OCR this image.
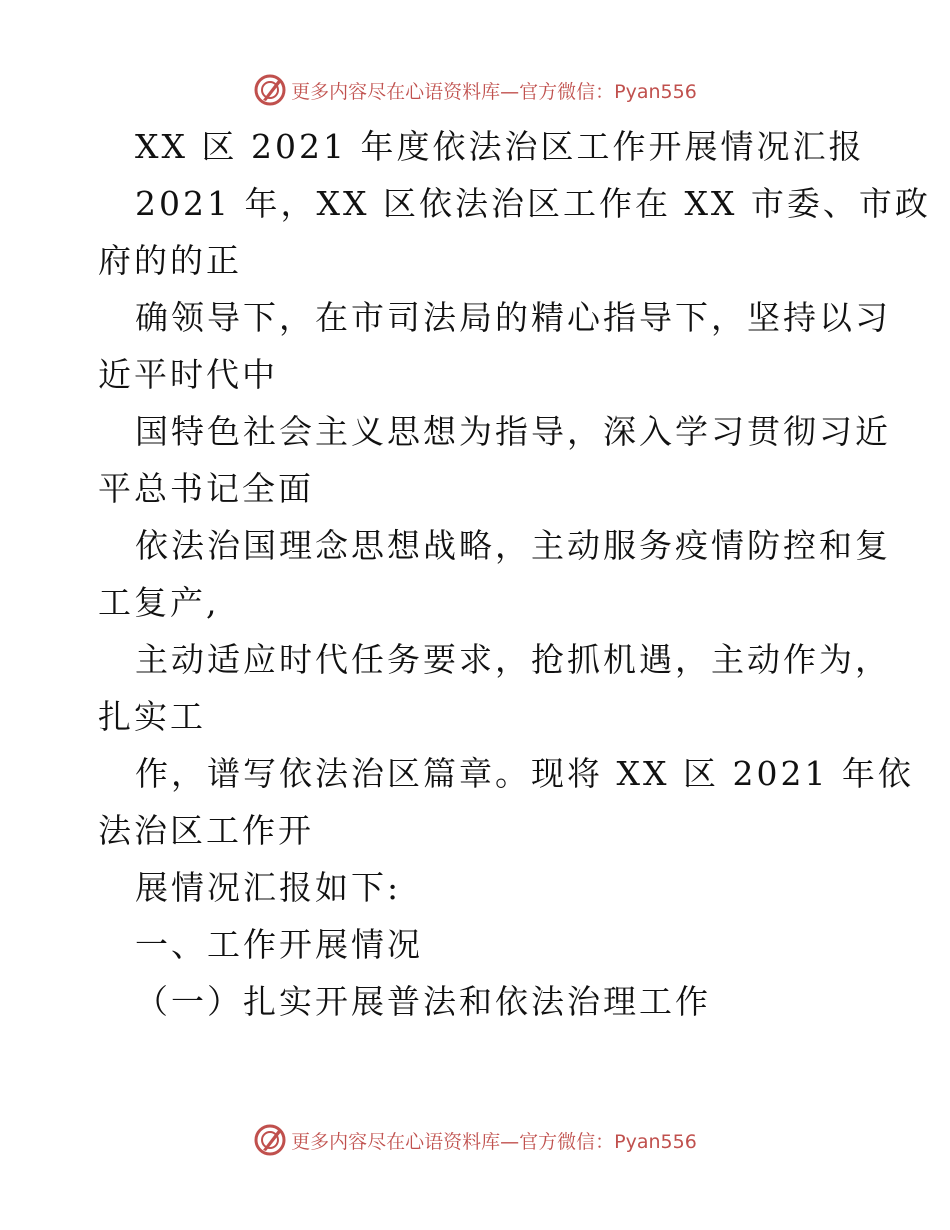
更多内容尽在心语资料库—官方微信：Pyan556
XX 区 2021 年度依法治区工作开展情况汇报
2021 年，XX 区依法治区工作在 XX 市委、市政
府的的正
确领导下，在市司法局的精心指导下，坚持以习
近平时代中
国特色社会主义思想为指导，深入学习贯彻习近
平总书记全面
依法治国理念思想战略，主动服务疫情防控和复
工复产,
主动适应时代任务要求，抢抓机遇，主动作为，
扎实工
作，谱写依法治区篇章。现将 XX 区 2021 年依
法治区工作开
展情况汇报如下:
一、工作开展情况
（一）扎实开展普法和依法治理工作
更多内容尽在心语资料库—官方微信：Pyan556
